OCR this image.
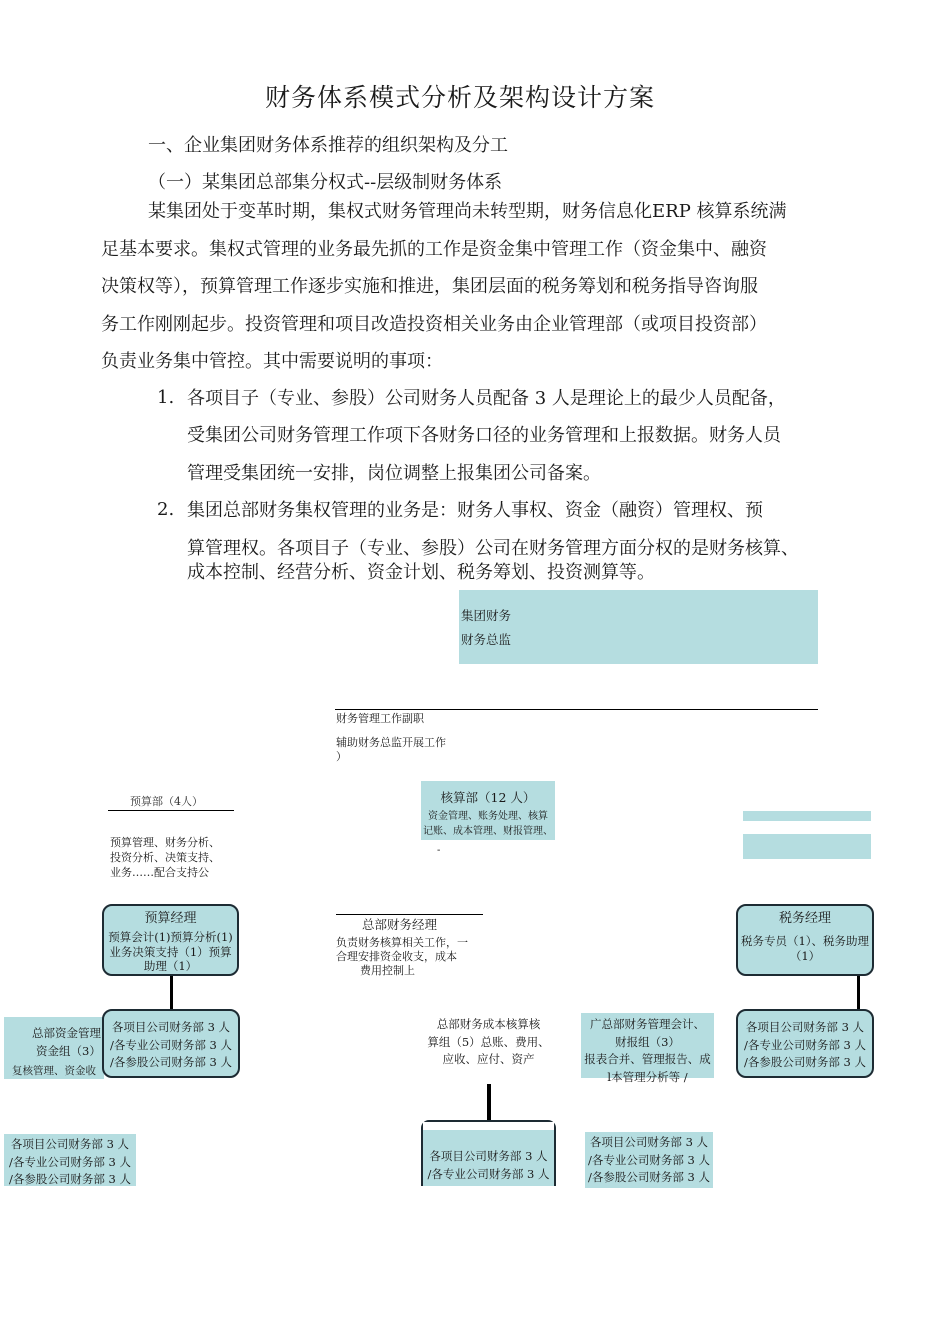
财务体系模式分析及架构设计方案
一、企业集团财务体系推荐的组织架构及分工
（一）某集团总部集分权式--层级制财务体系
某集团处于变革时期，集权式财务管理尚未转型期，财务信息化ERP 核算系统满
足基本要求。集权式管理的业务最先抓的工作是资金集中管理工作（资金集中、融资
决策权等），预算管理工作逐步实施和推进，集团层面的税务筹划和税务指导咨询服
务工作刚刚起步。投资管理和项目改造投资相关业务由企业管理部（或项目投资部）
负责业务集中管控。其中需要说明的事项：
1. 各项目子（专业、参股）公司财务人员配备 3 人是理论上的最少人员配备，
受集团公司财务管理工作项下各财务口径的业务管理和上报数据。财务人员
管理受集团统一安排，岗位调整上报集团公司备案。
2. 集团总部财务集权管理的业务是：财务人事权、资金（融资）管理权、预
算管理权。各项目子（专业、参股）公司在财务管理方面分权的是财务核算、
成本控制、经营分析、资金计划、税务筹划、投资测算等。
集团财务
财务总监
财务管理工作副职
辅助财务总监开展工作
）
预算部（4人）
预算管理、财务分析、
投资分析、决策支持、
业务……配合支持公
核算部（12 人）
资金管理、账务处理、核算
记账、成本管理、财报管理、
-
预算经理
预算会计(1)预算分析(1)
业务决策支持（1）预算
助理（1）
总部财务经理
负责财务核算相关工作，一
合理安排资金收支，成本
费用控制上
税务经理
税务专员（1）、税务助理
（1）
总部资金管理
资金组（3）
复核管理、资金收
各项目公司财务部 3 人
/各专业公司财务部 3 人
/各参股公司财务部 3 人
总部财务成本核算核
算组（5）总账、费用、
应收、应付、资产
广总部财务管理会计、
财报组（3）
报表合并、管理报告、成
l本管理分析等 /
各项目公司财务部 3 人
/各专业公司财务部 3 人
/各参股公司财务部 3 人
各项目公司财务部 3 人
/各专业公司财务部 3 人
/各参股公司财务部 3 人
各项目公司财务部 3 人
/各专业公司财务部 3 人
各项目公司财务部 3 人
/各专业公司财务部 3 人
/各参股公司财务部 3 人
